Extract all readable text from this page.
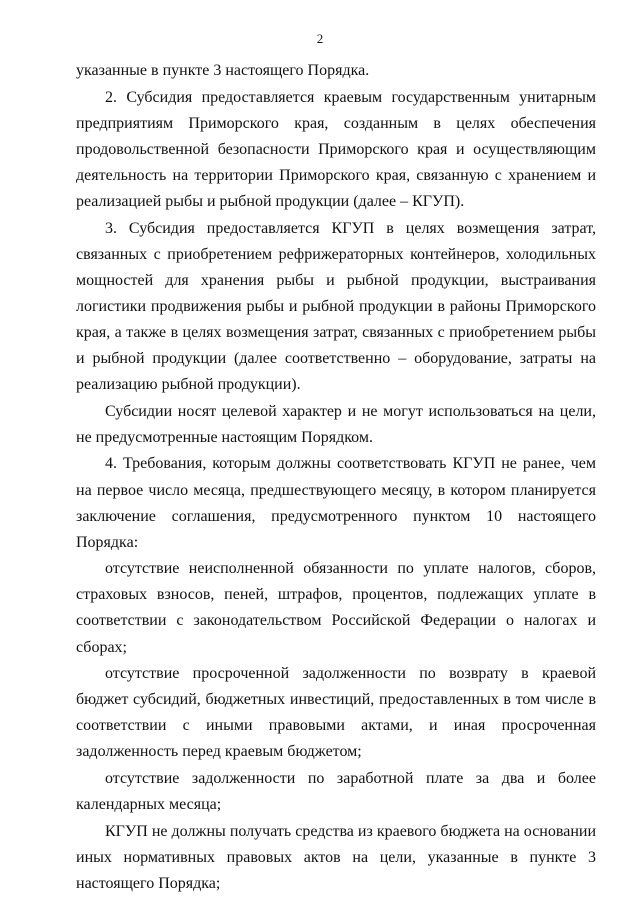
2

указанные в пункте 3 настоящего Порядка.

2. Субсидия предоставляется краевым государственным унитарным предприятиям Приморского края, созданным в целях обеспечения продовольственной безопасности Приморского края и осуществляющим деятельность на территории Приморского края, связанную с хранением и реализацией рыбы и рыбной продукции (далее – КГУП).

3. Субсидия предоставляется КГУП в целях возмещения затрат, связанных с приобретением рефрижераторных контейнеров, холодильных мощностей для хранения рыбы и рыбной продукции, выстраивания логистики продвижения рыбы и рыбной продукции в районы Приморского края, а также в целях возмещения затрат, связанных с приобретением рыбы и рыбной продукции (далее соответственно – оборудование, затраты на реализацию рыбной продукции).

Субсидии носят целевой характер и не могут использоваться на цели, не предусмотренные настоящим Порядком.

4. Требования, которым должны соответствовать КГУП не ранее, чем на первое число месяца, предшествующего месяцу, в котором планируется заключение соглашения, предусмотренного пунктом 10 настоящего Порядка:

отсутствие неисполненной обязанности по уплате налогов, сборов, страховых взносов, пеней, штрафов, процентов, подлежащих уплате в соответствии с законодательством Российской Федерации о налогах и сборах;

отсутствие просроченной задолженности по возврату в краевой бюджет субсидий, бюджетных инвестиций, предоставленных в том числе в соответствии с иными правовыми актами, и иная просроченная задолженность перед краевым бюджетом;

отсутствие задолженности по заработной плате за два и более календарных месяца;

КГУП не должны получать средства из краевого бюджета на основании иных нормативных правовых актов на цели, указанные в пункте 3 настоящего Порядка;
